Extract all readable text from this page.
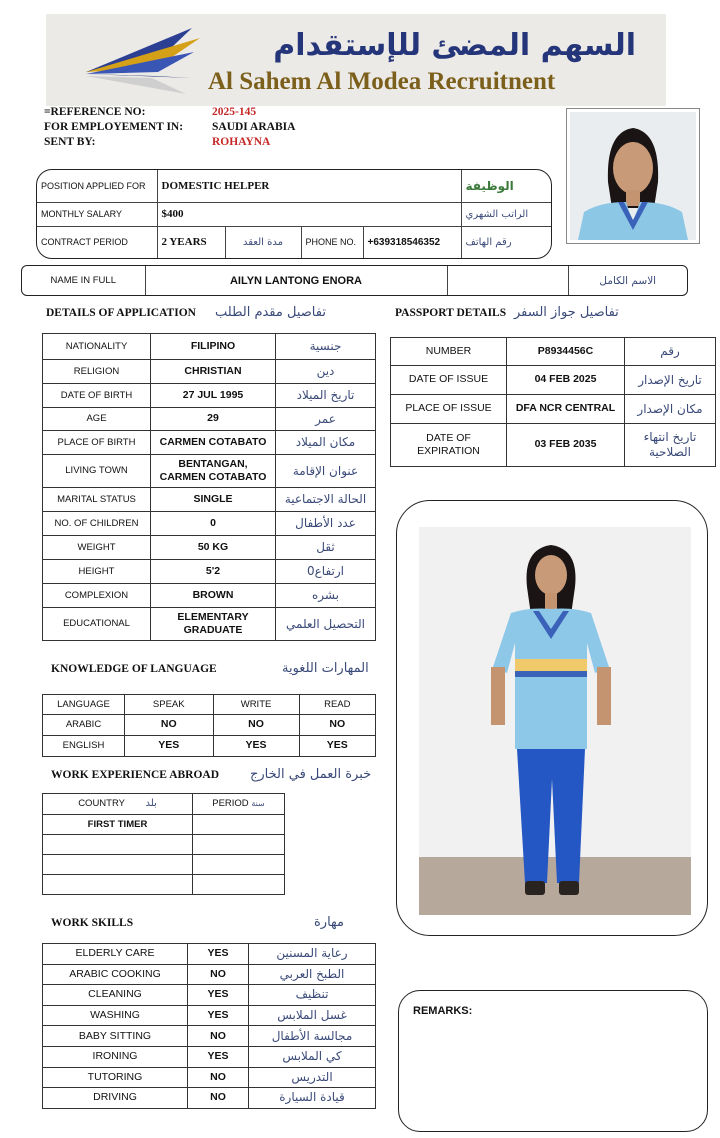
السهم المضئ للإستقدام
Al Sahem Al Modea Recruitnent
=REFERENCE NO:	2025-145
FOR EMPLOYEMENT IN:	SAUDI ARABIA
SENT BY:	ROHAYNA
POSITION APPLIED FOR	DOMESTIC HELPER				الوظيفة
MONTHLY SALARY	$400				الراتب الشهري
CONTRACT PERIOD	2 YEARS	مدة العقد	PHONE NO.	+639318546352	رقم الهاتف
NAME IN FULL	AILYN LANTONG ENORA		الاسم الكامل
DETAILS OF APPLICATION تفاصيل مقدم الطلب
NATIONALITY	FILIPINO	جنسية
RELIGION	CHRISTIAN	دين
DATE OF BIRTH	27 JUL 1995	تاريخ الميلاد
AGE	29	عمر
PLACE OF BIRTH	CARMEN COTABATO	مكان الميلاد
LIVING TOWN	BENTANGAN, CARMEN COTABATO	عنوان الإقامة
MARITAL STATUS	SINGLE	الحالة الاجتماعية
NO. OF CHILDREN	0	عدد الأطفال
WEIGHT	50 KG	ثقل
HEIGHT	5'2	ارتفاع0
COMPLEXION	BROWN	بشره
EDUCATIONAL	ELEMENTARY GRADUATE	التحصيل العلمي
PASSPORT DETAILS تفاصيل جواز السفر
NUMBER	P8934456C	رقم
DATE OF ISSUE	04 FEB 2025	تاريخ الإصدار
PLACE OF ISSUE	DFA NCR CENTRAL	مكان الإصدار
DATE OF EXPIRATION	03 FEB 2035	تاريخ انتهاء الصلاحية
KNOWLEDGE OF LANGUAGE	المهارات اللغوية
LANGUAGE	SPEAK	WRITE	READ
ARABIC	NO	NO	NO
ENGLISH	YES	YES	YES
WORK EXPERIENCE ABROAD خبرة العمل في الخارج
COUNTRY بلد	PERIOD سنة
FIRST TIMER	

WORK SKILLS	مهارة
ELDERLY CARE	YES	رعاية المسنين
ARABIC COOKING	NO	الطبخ العربي
CLEANING	YES	تنظيف
WASHING	YES	غسل الملابس
BABY SITTING	NO	مجالسة الأطفال
IRONING	YES	كي الملابس
TUTORING	NO	التدريس
DRIVING	NO	قيادة السيارة
REMARKS:
